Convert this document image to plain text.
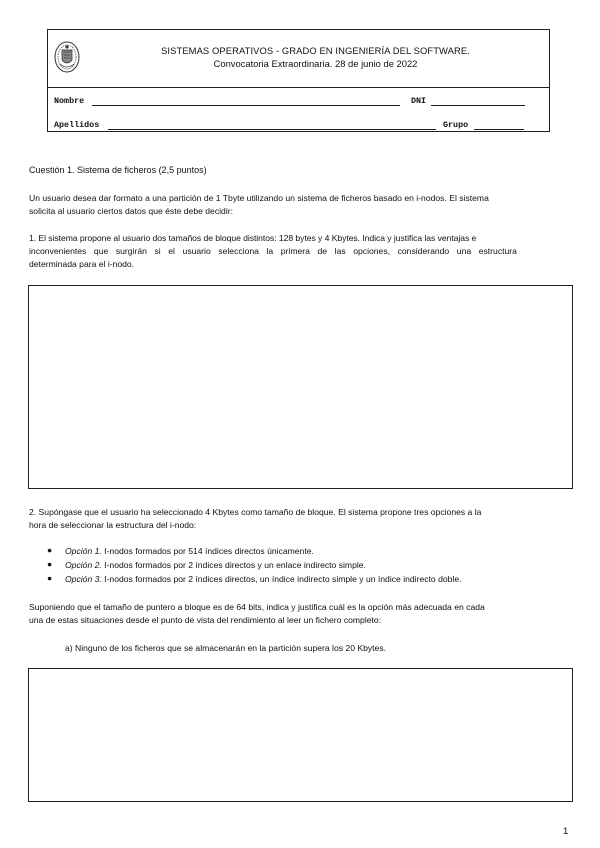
SISTEMAS OPERATIVOS - GRADO EN INGENIERÍA DEL SOFTWARE.
Convocatoria Extraordinaria. 28 de junio de 2022
Nombre	DNI
Apellidos	Grupo
Cuestión 1. Sistema de ficheros (2,5 puntos)
Un usuario desea dar formato a una partición de 1 Tbyte utilizando un sistema de ficheros basado en i-nodos. El sistema
solicita al usuario ciertos datos que éste debe decidir:
1. El sistema propone al usuario dos tamaños de bloque distintos: 128 bytes y 4 Kbytes. Indica y justifica las ventajas e
inconvenientes que surgirán si el usuario selecciona la primera de las opciones, considerando una estructura
determinada para el i-nodo.
2. Supóngase que el usuario ha seleccionado 4 Kbytes como tamaño de bloque. El sistema propone tres opciones a la
hora de seleccionar la estructura del i-nodo:
● Opción 1. I-nodos formados por 514 índices directos únicamente.
● Opción 2. I-nodos formados por 2 índices directos y un enlace indirecto simple.
● Opción 3. I-nodos formados por 2 índices directos, un índice indirecto simple y un índice indirecto doble.
Suponiendo que el tamaño de puntero a bloque es de 64 bits, indica y justifica cuál es la opción más adecuada en cada
una de estas situaciones desde el punto de vista del rendimiento al leer un fichero completo:
a) Ninguno de los ficheros que se almacenarán en la partición supera los 20 Kbytes.
1
